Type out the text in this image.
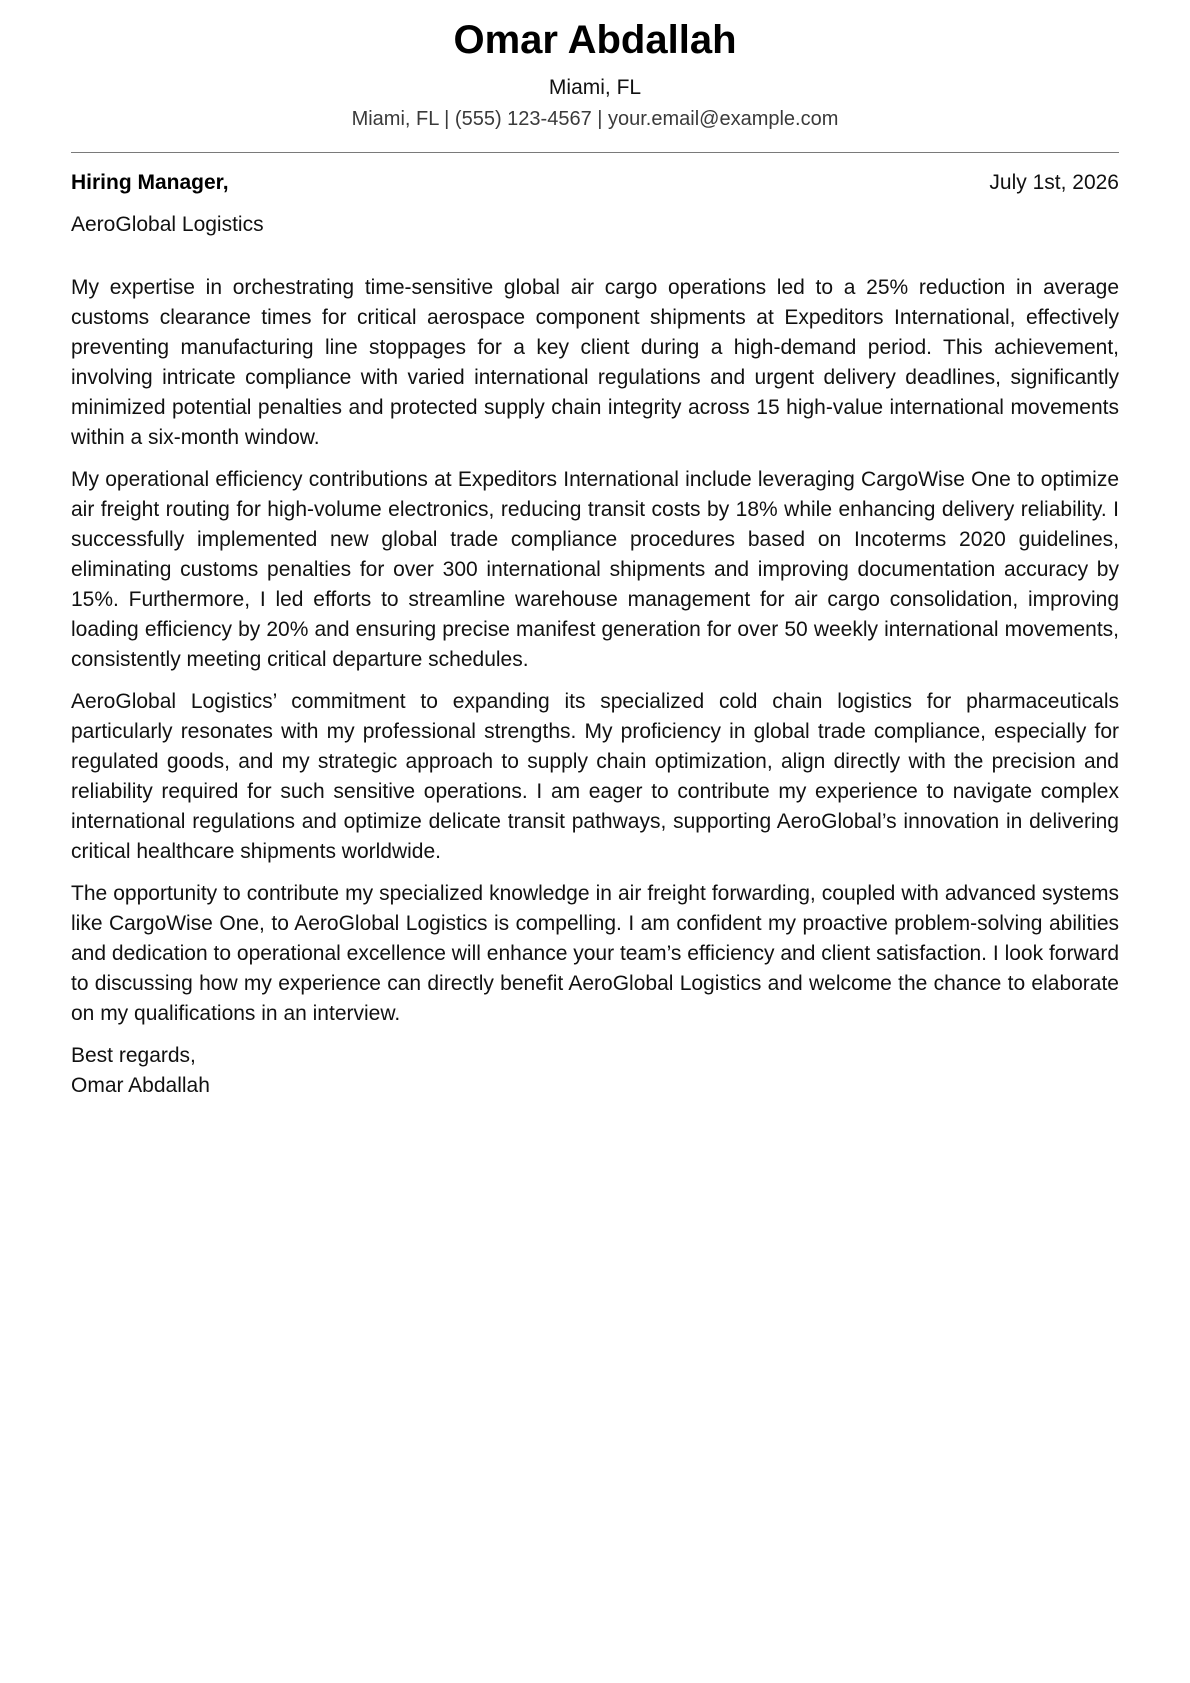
Omar Abdallah
Miami, FL
Miami, FL | (555) 123-4567 | your.email@example.com
Hiring Manager,	July 1st, 2026
AeroGlobal Logistics

My expertise in orchestrating time-sensitive global air cargo operations led to a 25% reduction in average customs clearance times for critical aerospace component shipments at Expeditors International, effectively preventing manufacturing line stoppages for a key client during a high-demand period. This achievement, involving intricate compliance with varied international regulations and urgent delivery deadlines, significantly minimized potential penalties and protected supply chain integrity across 15 high-value international movements within a six-month window.

My operational efficiency contributions at Expeditors International include leveraging CargoWise One to optimize air freight routing for high-volume electronics, reducing transit costs by 18% while enhancing delivery reliability. I successfully implemented new global trade compliance procedures based on Incoterms 2020 guidelines, eliminating customs penalties for over 300 international shipments and improving documentation accuracy by 15%. Furthermore, I led efforts to streamline warehouse management for air cargo consolidation, improving loading efficiency by 20% and ensuring precise manifest generation for over 50 weekly international movements, consistently meeting critical departure schedules.

AeroGlobal Logistics’ commitment to expanding its specialized cold chain logistics for pharmaceuticals particularly resonates with my professional strengths. My proficiency in global trade compliance, especially for regulated goods, and my strategic approach to supply chain optimization, align directly with the precision and reliability required for such sensitive operations. I am eager to contribute my experience to navigate complex international regulations and optimize delicate transit pathways, supporting AeroGlobal’s innovation in delivering critical healthcare shipments worldwide.

The opportunity to contribute my specialized knowledge in air freight forwarding, coupled with advanced systems like CargoWise One, to AeroGlobal Logistics is compelling. I am confident my proactive problem-solving abilities and dedication to operational excellence will enhance your team’s efficiency and client satisfaction. I look forward to discussing how my experience can directly benefit AeroGlobal Logistics and welcome the chance to elaborate on my qualifications in an interview.

Best regards,
Omar Abdallah
